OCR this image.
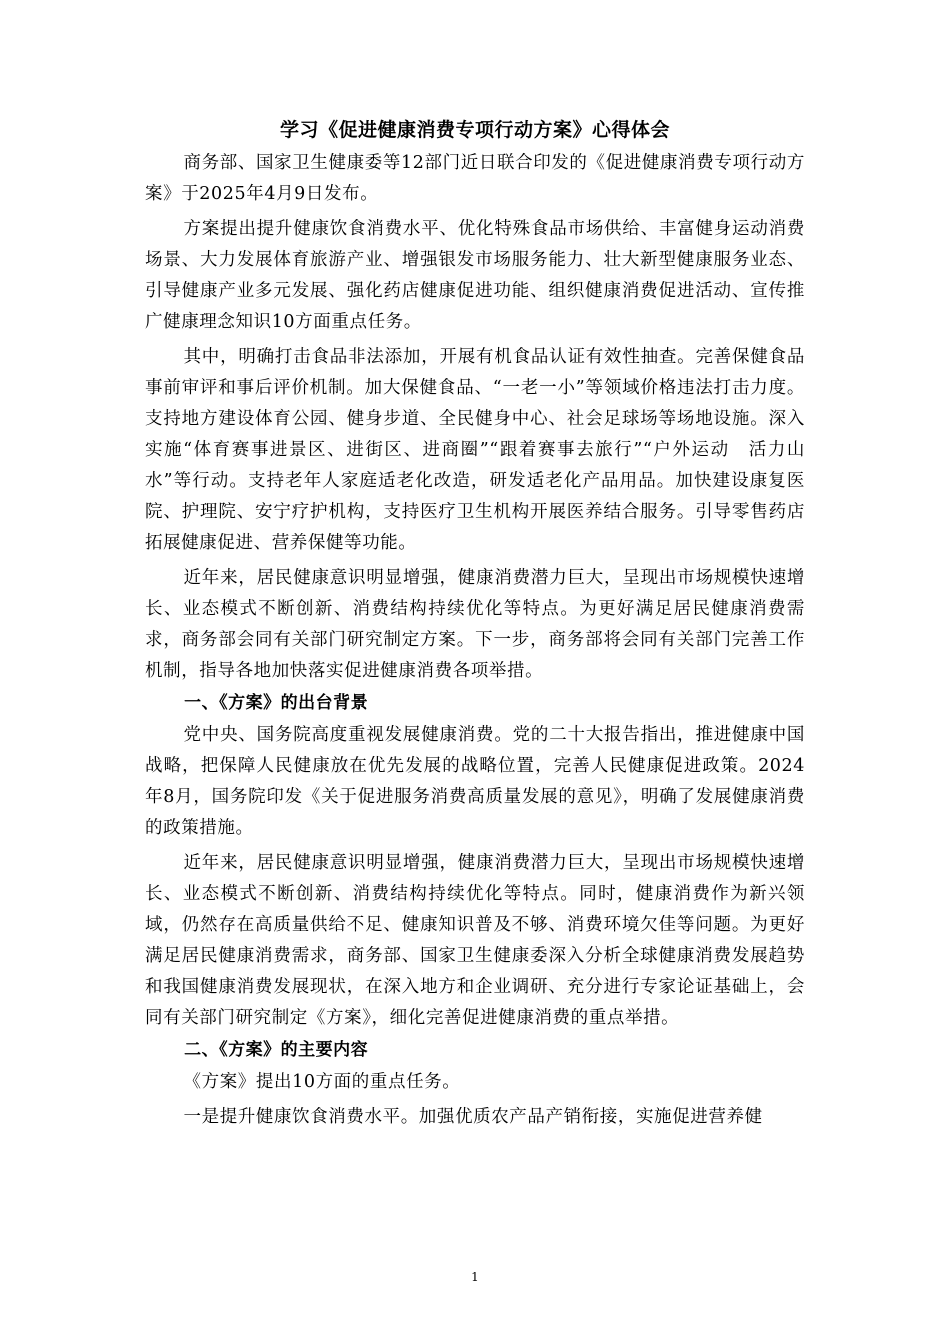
学习《促进健康消费专项行动方案》心得体会

商务部、国家卫生健康委等12部门近日联合印发的《促进健康消费专项行动方案》于2025年4月9日发布。

方案提出提升健康饮食消费水平、优化特殊食品市场供给、丰富健身运动消费场景、大力发展体育旅游产业、增强银发市场服务能力、壮大新型健康服务业态、引导健康产业多元发展、强化药店健康促进功能、组织健康消费促进活动、宣传推广健康理念知识10方面重点任务。

其中，明确打击食品非法添加，开展有机食品认证有效性抽查。完善保健食品事前审评和事后评价机制。加大保健食品、“一老一小”等领域价格违法打击力度。支持地方建设体育公园、健身步道、全民健身中心、社会足球场等场地设施。深入实施“体育赛事进景区、进街区、进商圈”“跟着赛事去旅行”“户外运动　活力山水”等行动。支持老年人家庭适老化改造，研发适老化产品用品。加快建设康复医院、护理院、安宁疗护机构，支持医疗卫生机构开展医养结合服务。引导零售药店拓展健康促进、营养保健等功能。

近年来，居民健康意识明显增强，健康消费潜力巨大，呈现出市场规模快速增长、业态模式不断创新、消费结构持续优化等特点。为更好满足居民健康消费需求，商务部会同有关部门研究制定方案。下一步，商务部将会同有关部门完善工作机制，指导各地加快落实促进健康消费各项举措。

一、《方案》的出台背景

党中央、国务院高度重视发展健康消费。党的二十大报告指出，推进健康中国战略，把保障人民健康放在优先发展的战略位置，完善人民健康促进政策。2024年8月，国务院印发《关于促进服务消费高质量发展的意见》，明确了发展健康消费的政策措施。

近年来，居民健康意识明显增强，健康消费潜力巨大，呈现出市场规模快速增长、业态模式不断创新、消费结构持续优化等特点。同时，健康消费作为新兴领域，仍然存在高质量供给不足、健康知识普及不够、消费环境欠佳等问题。为更好满足居民健康消费需求，商务部、国家卫生健康委深入分析全球健康消费发展趋势和我国健康消费发展现状，在深入地方和企业调研、充分进行专家论证基础上，会同有关部门研究制定《方案》，细化完善促进健康消费的重点举措。

二、《方案》的主要内容

《方案》提出10方面的重点任务。

一是提升健康饮食消费水平。加强优质农产品产销衔接，实施促进营养健

1
